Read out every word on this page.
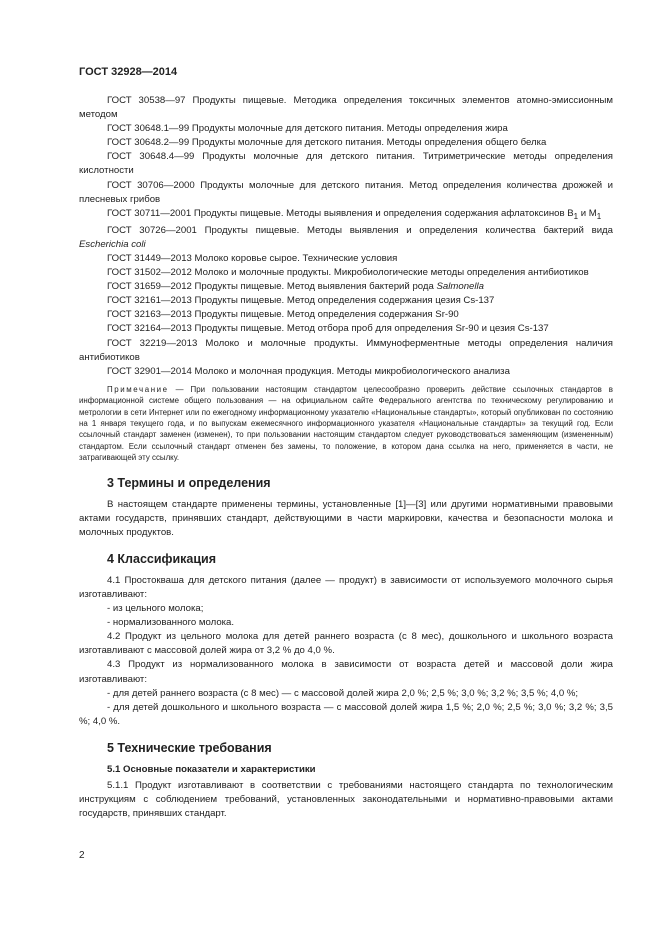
ГОСТ 32928—2014

ГОСТ 30538—97 Продукты пищевые. Методика определения токсичных элементов атомно-эмиссионным методом

ГОСТ 30648.1—99 Продукты молочные для детского питания. Методы определения жира

ГОСТ 30648.2—99 Продукты молочные для детского питания. Методы определения общего белка

ГОСТ 30648.4—99 Продукты молочные для детского питания. Титриметрические методы определения кислотности

ГОСТ 30706—2000 Продукты молочные для детского питания. Метод определения количества дрожжей и плесневых грибов

ГОСТ 30711—2001 Продукты пищевые. Методы выявления и определения содержания афлатоксинов $B_1$ и $M_1$

ГОСТ 30726—2001 Продукты пищевые. Методы выявления и определения количества бактерий вида Escherichia coli

ГОСТ 31449—2013 Молоко коровье сырое. Технические условия

ГОСТ 31502—2012 Молоко и молочные продукты. Микробиологические методы определения антибиотиков

ГОСТ 31659—2012 Продукты пищевые. Метод выявления бактерий рода Salmonella

ГОСТ 32161—2013 Продукты пищевые. Метод определения содержания цезия Cs-137

ГОСТ 32163—2013 Продукты пищевые. Метод определения содержания Sr-90

ГОСТ 32164—2013 Продукты пищевые. Метод отбора проб для определения Sr-90 и цезия Cs-137

ГОСТ 32219—2013 Молоко и молочные продукты. Иммуноферментные методы определения наличия антибиотиков

ГОСТ 32901—2014 Молоко и молочная продукция. Методы микробиологического анализа

Примечание — При пользовании настоящим стандартом целесообразно проверить действие ссылочных стандартов в информационной системе общего пользования — на официальном сайте Федерального агентства по техническому регулированию и метрологии в сети Интернет или по ежегодному информационному указателю «Национальные стандарты», который опубликован по состоянию на 1 января текущего года, и по выпускам ежемесячного информационного указателя «Национальные стандарты» за текущий год. Если ссылочный стандарт заменен (изменен), то при пользовании настоящим стандартом следует руководствоваться заменяющим (измененным) стандартом. Если ссылочный стандарт отменен без замены, то положение, в котором дана ссылка на него, применяется в части, не затрагивающей эту ссылку.

3 Термины и определения

В настоящем стандарте применены термины, установленные [1]—[3] или другими нормативными правовыми актами государств, принявших стандарт, действующими в части маркировки, качества и безопасности молока и молочных продуктов.

4 Классификация

4.1 Простокваша для детского питания (далее — продукт) в зависимости от используемого молочного сырья изготавливают:

- из цельного молока;

- нормализованного молока.

4.2 Продукт из цельного молока для детей раннего возраста (с 8 мес), дошкольного и школьного возраста изготавливают с массовой долей жира от 3,2 % до 4,0 %.

4.3 Продукт из нормализованного молока в зависимости от возраста детей и массовой доли жира изготавливают:

- для детей раннего возраста (с 8 мес) — с массовой долей жира 2,0 %; 2,5 %; 3,0 %; 3,2 %; 3,5 %; 4,0 %;

- для детей дошкольного и школьного возраста — с массовой долей жира 1,5 %; 2,0 %; 2,5 %; 3,0 %; 3,2 %; 3,5 %; 4,0 %.

5 Технические требования
5.1 Основные показатели и характеристики

5.1.1 Продукт изготавливают в соответствии с требованиями настоящего стандарта по технологическим инструкциям с соблюдением требований, установленных законодательными и нормативно-правовыми актами государств, принявших стандарт.

2
